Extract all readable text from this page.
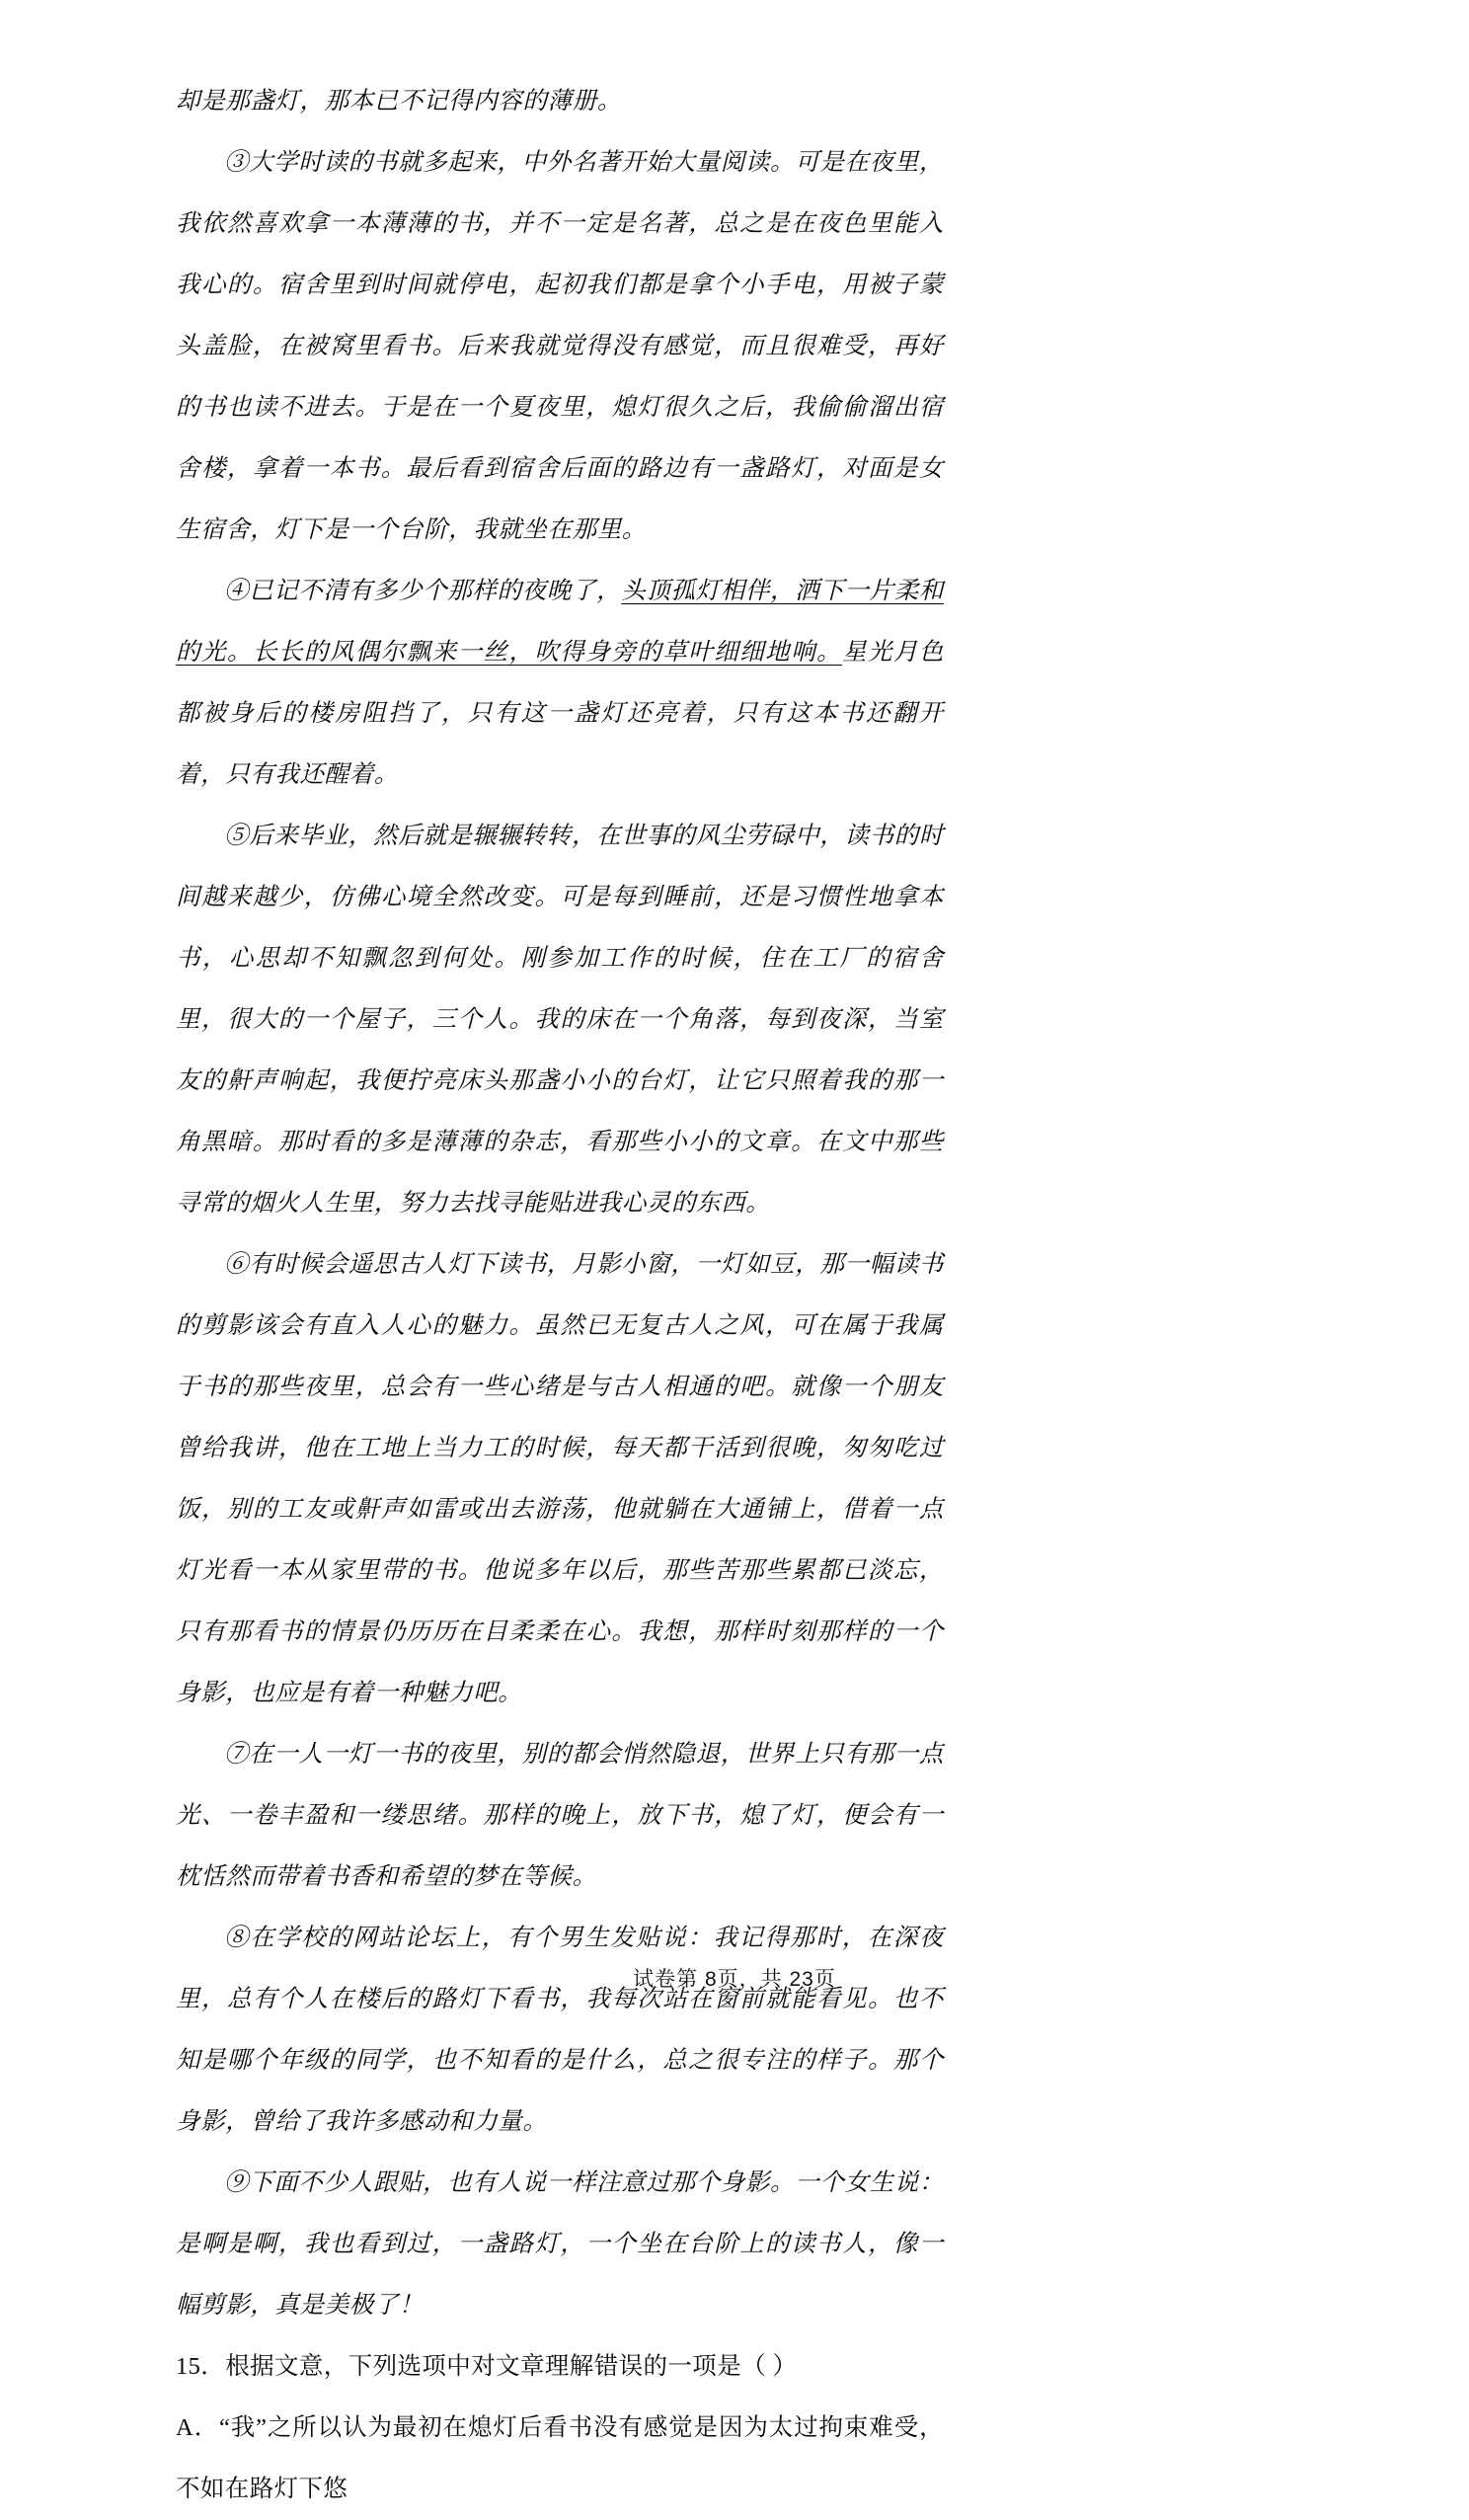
却是那盏灯，那本已不记得内容的薄册。

③大学时读的书就多起来，中外名著开始大量阅读。可是在夜里，我依然喜欢拿一本薄薄的书，并不一定是名著，总之是在夜色里能入我心的。宿舍里到时间就停电，起初我们都是拿个小手电，用被子蒙头盖脸，在被窝里看书。后来我就觉得没有感觉，而且很难受，再好的书也读不进去。于是在一个夏夜里，熄灯很久之后，我偷偷溜出宿舍楼，拿着一本书。最后看到宿舍后面的路边有一盏路灯，对面是女生宿舍，灯下是一个台阶，我就坐在那里。

④已记不清有多少个那样的夜晚了，头顶孤灯相伴，洒下一片柔和的光。长长的风偶尔飘来一丝，吹得身旁的草叶细细地响。星光月色都被身后的楼房阻挡了，只有这一盏灯还亮着，只有这本书还翻开着，只有我还醒着。

⑤后来毕业，然后就是辗辗转转，在世事的风尘劳碌中，读书的时间越来越少，仿佛心境全然改变。可是每到睡前，还是习惯性地拿本书，心思却不知飘忽到何处。刚参加工作的时候，住在工厂的宿舍里，很大的一个屋子，三个人。我的床在一个角落，每到夜深，当室友的鼾声响起，我便拧亮床头那盏小小的台灯，让它只照着我的那一角黑暗。那时看的多是薄薄的杂志，看那些小小的文章。在文中那些寻常的烟火人生里，努力去找寻能贴进我心灵的东西。

⑥有时候会遥思古人灯下读书，月影小窗，一灯如豆，那一幅读书的剪影该会有直入人心的魅力。虽然已无复古人之风，可在属于我属于书的那些夜里，总会有一些心绪是与古人相通的吧。就像一个朋友曾给我讲，他在工地上当力工的时候，每天都干活到很晚，匆匆吃过饭，别的工友或鼾声如雷或出去游荡，他就躺在大通铺上，借着一点灯光看一本从家里带的书。他说多年以后，那些苦那些累都已淡忘，只有那看书的情景仍历历在目柔柔在心。我想，那样时刻那样的一个身影，也应是有着一种魅力吧。

⑦在一人一灯一书的夜里，别的都会悄然隐退，世界上只有那一点光、一卷丰盈和一缕思绪。那样的晚上，放下书，熄了灯，便会有一枕恬然而带着书香和希望的梦在等候。

⑧在学校的网站论坛上，有个男生发贴说：我记得那时，在深夜里，总有个人在楼后的路灯下看书，我每次站在窗前就能看见。也不知是哪个年级的同学，也不知看的是什么，总之很专注的样子。那个身影，曾给了我许多感动和力量。

⑨下面不少人跟贴，也有人说一样注意过那个身影。一个女生说：是啊是啊，我也看到过，一盏路灯，一个坐在台阶上的读书人，像一幅剪影，真是美极了！

15．根据文意，下列选项中对文章理解错误的一项是（ ）

A．“我”之所以认为最初在熄灯后看书没有感觉是因为太过拘束难受，不如在路灯下悠

试卷第 8页，共 23页
